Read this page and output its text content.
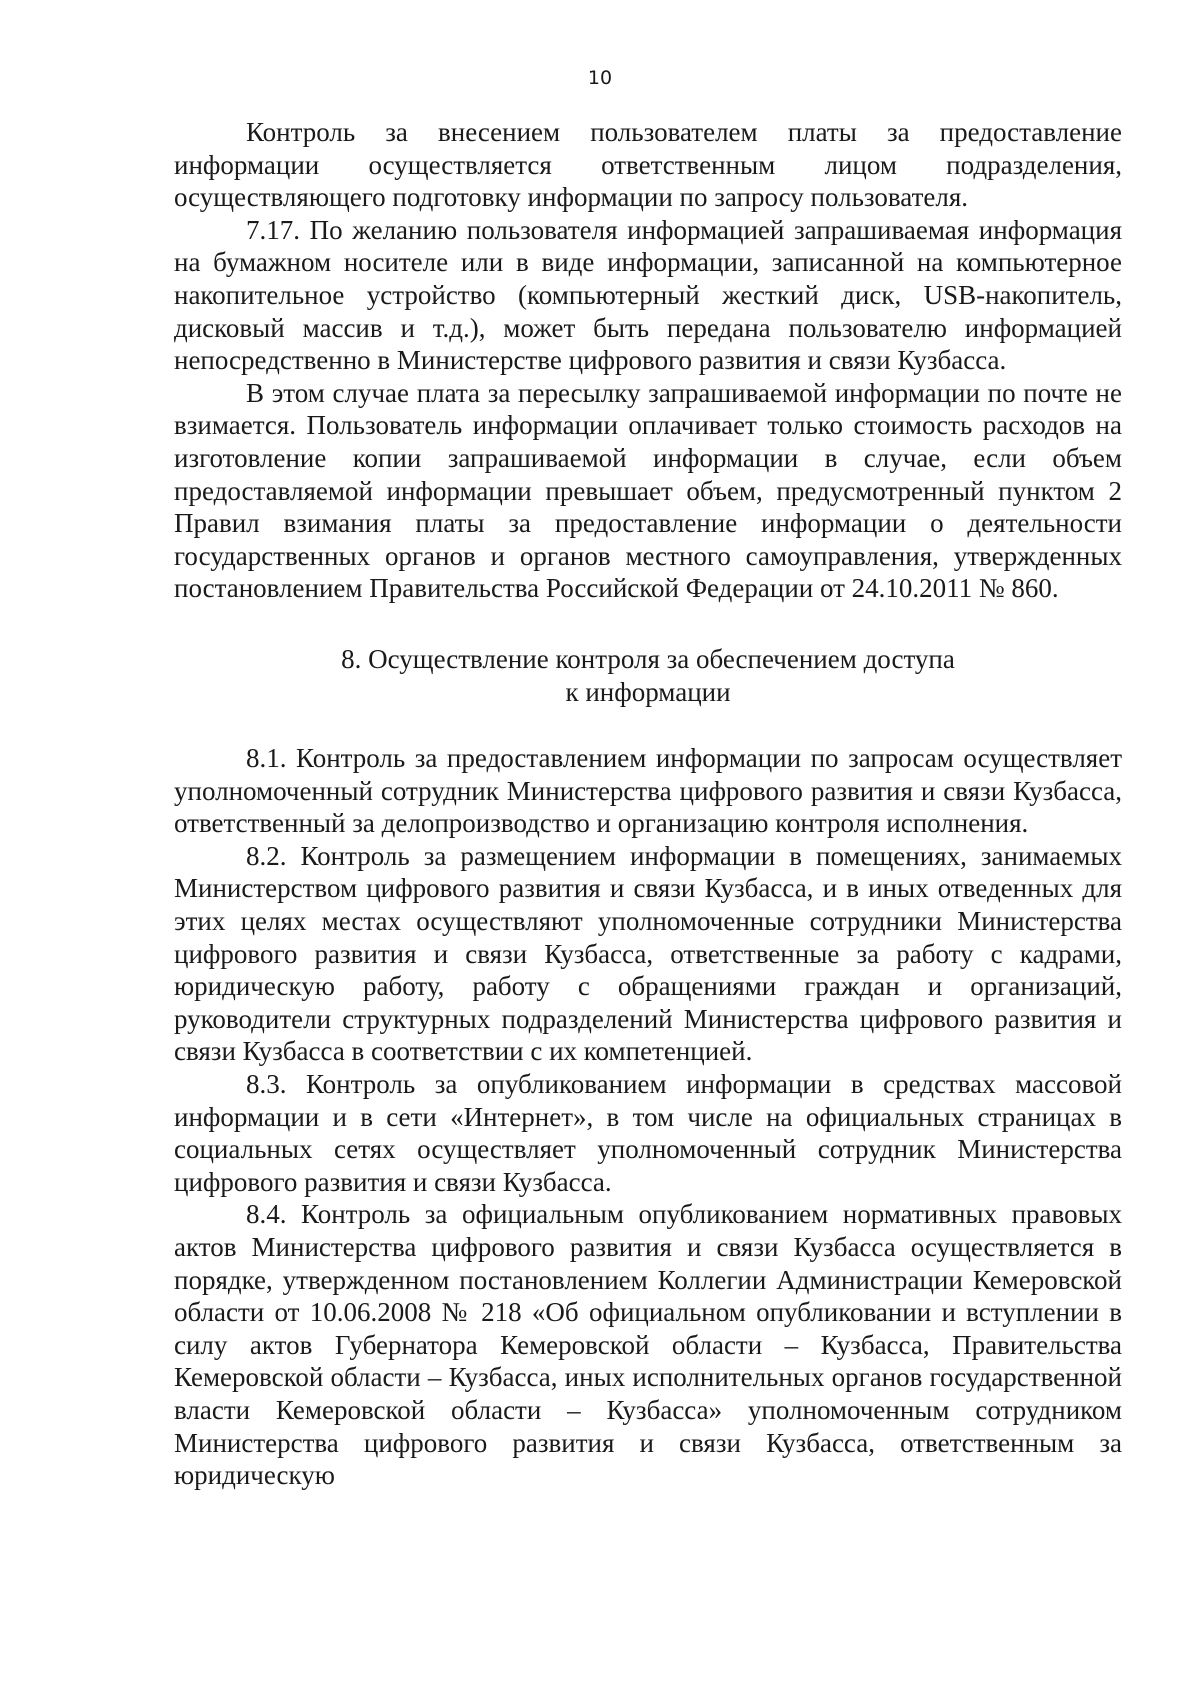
10

Контроль за внесением пользователем платы за предоставление информации осуществляется ответственным лицом подразделения, осуществляющего подготовку информации по запросу пользователя.

7.17. По желанию пользователя информацией запрашиваемая информация на бумажном носителе или в виде информации, записанной на компьютерное накопительное устройство (компьютерный жесткий диск, USB-накопитель, дисковый массив и т.д.), может быть передана пользователю информацией непосредственно в Министерстве цифрового развития и связи Кузбасса.

В этом случае плата за пересылку запрашиваемой информации по почте не взимается. Пользователь информации оплачивает только стоимость расходов на изготовление копии запрашиваемой информации в случае, если объем предоставляемой информации превышает объем, предусмотренный пунктом 2 Правил взимания платы за предоставление информации о деятельности государственных органов и органов местного самоуправления, утвержденных постановлением Правительства Российской Федерации от 24.10.2011 № 860.

8. Осуществление контроля за обеспечением доступа
к информации

8.1. Контроль за предоставлением информации по запросам осуществляет уполномоченный сотрудник Министерства цифрового развития и связи Кузбасса, ответственный за делопроизводство и организацию контроля исполнения.

8.2. Контроль за размещением информации в помещениях, занимаемых Министерством цифрового развития и связи Кузбасса, и в иных отведенных для этих целях местах осуществляют уполномоченные сотрудники Министерства цифрового развития и связи Кузбасса, ответственные за работу с кадрами, юридическую работу, работу с обращениями граждан и организаций, руководители структурных подразделений Министерства цифрового развития и связи Кузбасса в соответствии с их компетенцией.

8.3. Контроль за опубликованием информации в средствах массовой информации и в сети «Интернет», в том числе на официальных страницах в социальных сетях осуществляет уполномоченный сотрудник Министерства цифрового развития и связи Кузбасса.

8.4. Контроль за официальным опубликованием нормативных правовых актов Министерства цифрового развития и связи Кузбасса осуществляется в порядке, утвержденном постановлением Коллегии Администрации Кемеровской области от 10.06.2008 № 218 «Об официальном опубликовании и вступлении в силу актов Губернатора Кемеровской области – Кузбасса, Правительства Кемеровской области – Кузбасса, иных исполнительных органов государственной власти Кемеровской области – Кузбасса» уполномоченным сотрудником Министерства цифрового развития и связи Кузбасса, ответственным за юридическую
